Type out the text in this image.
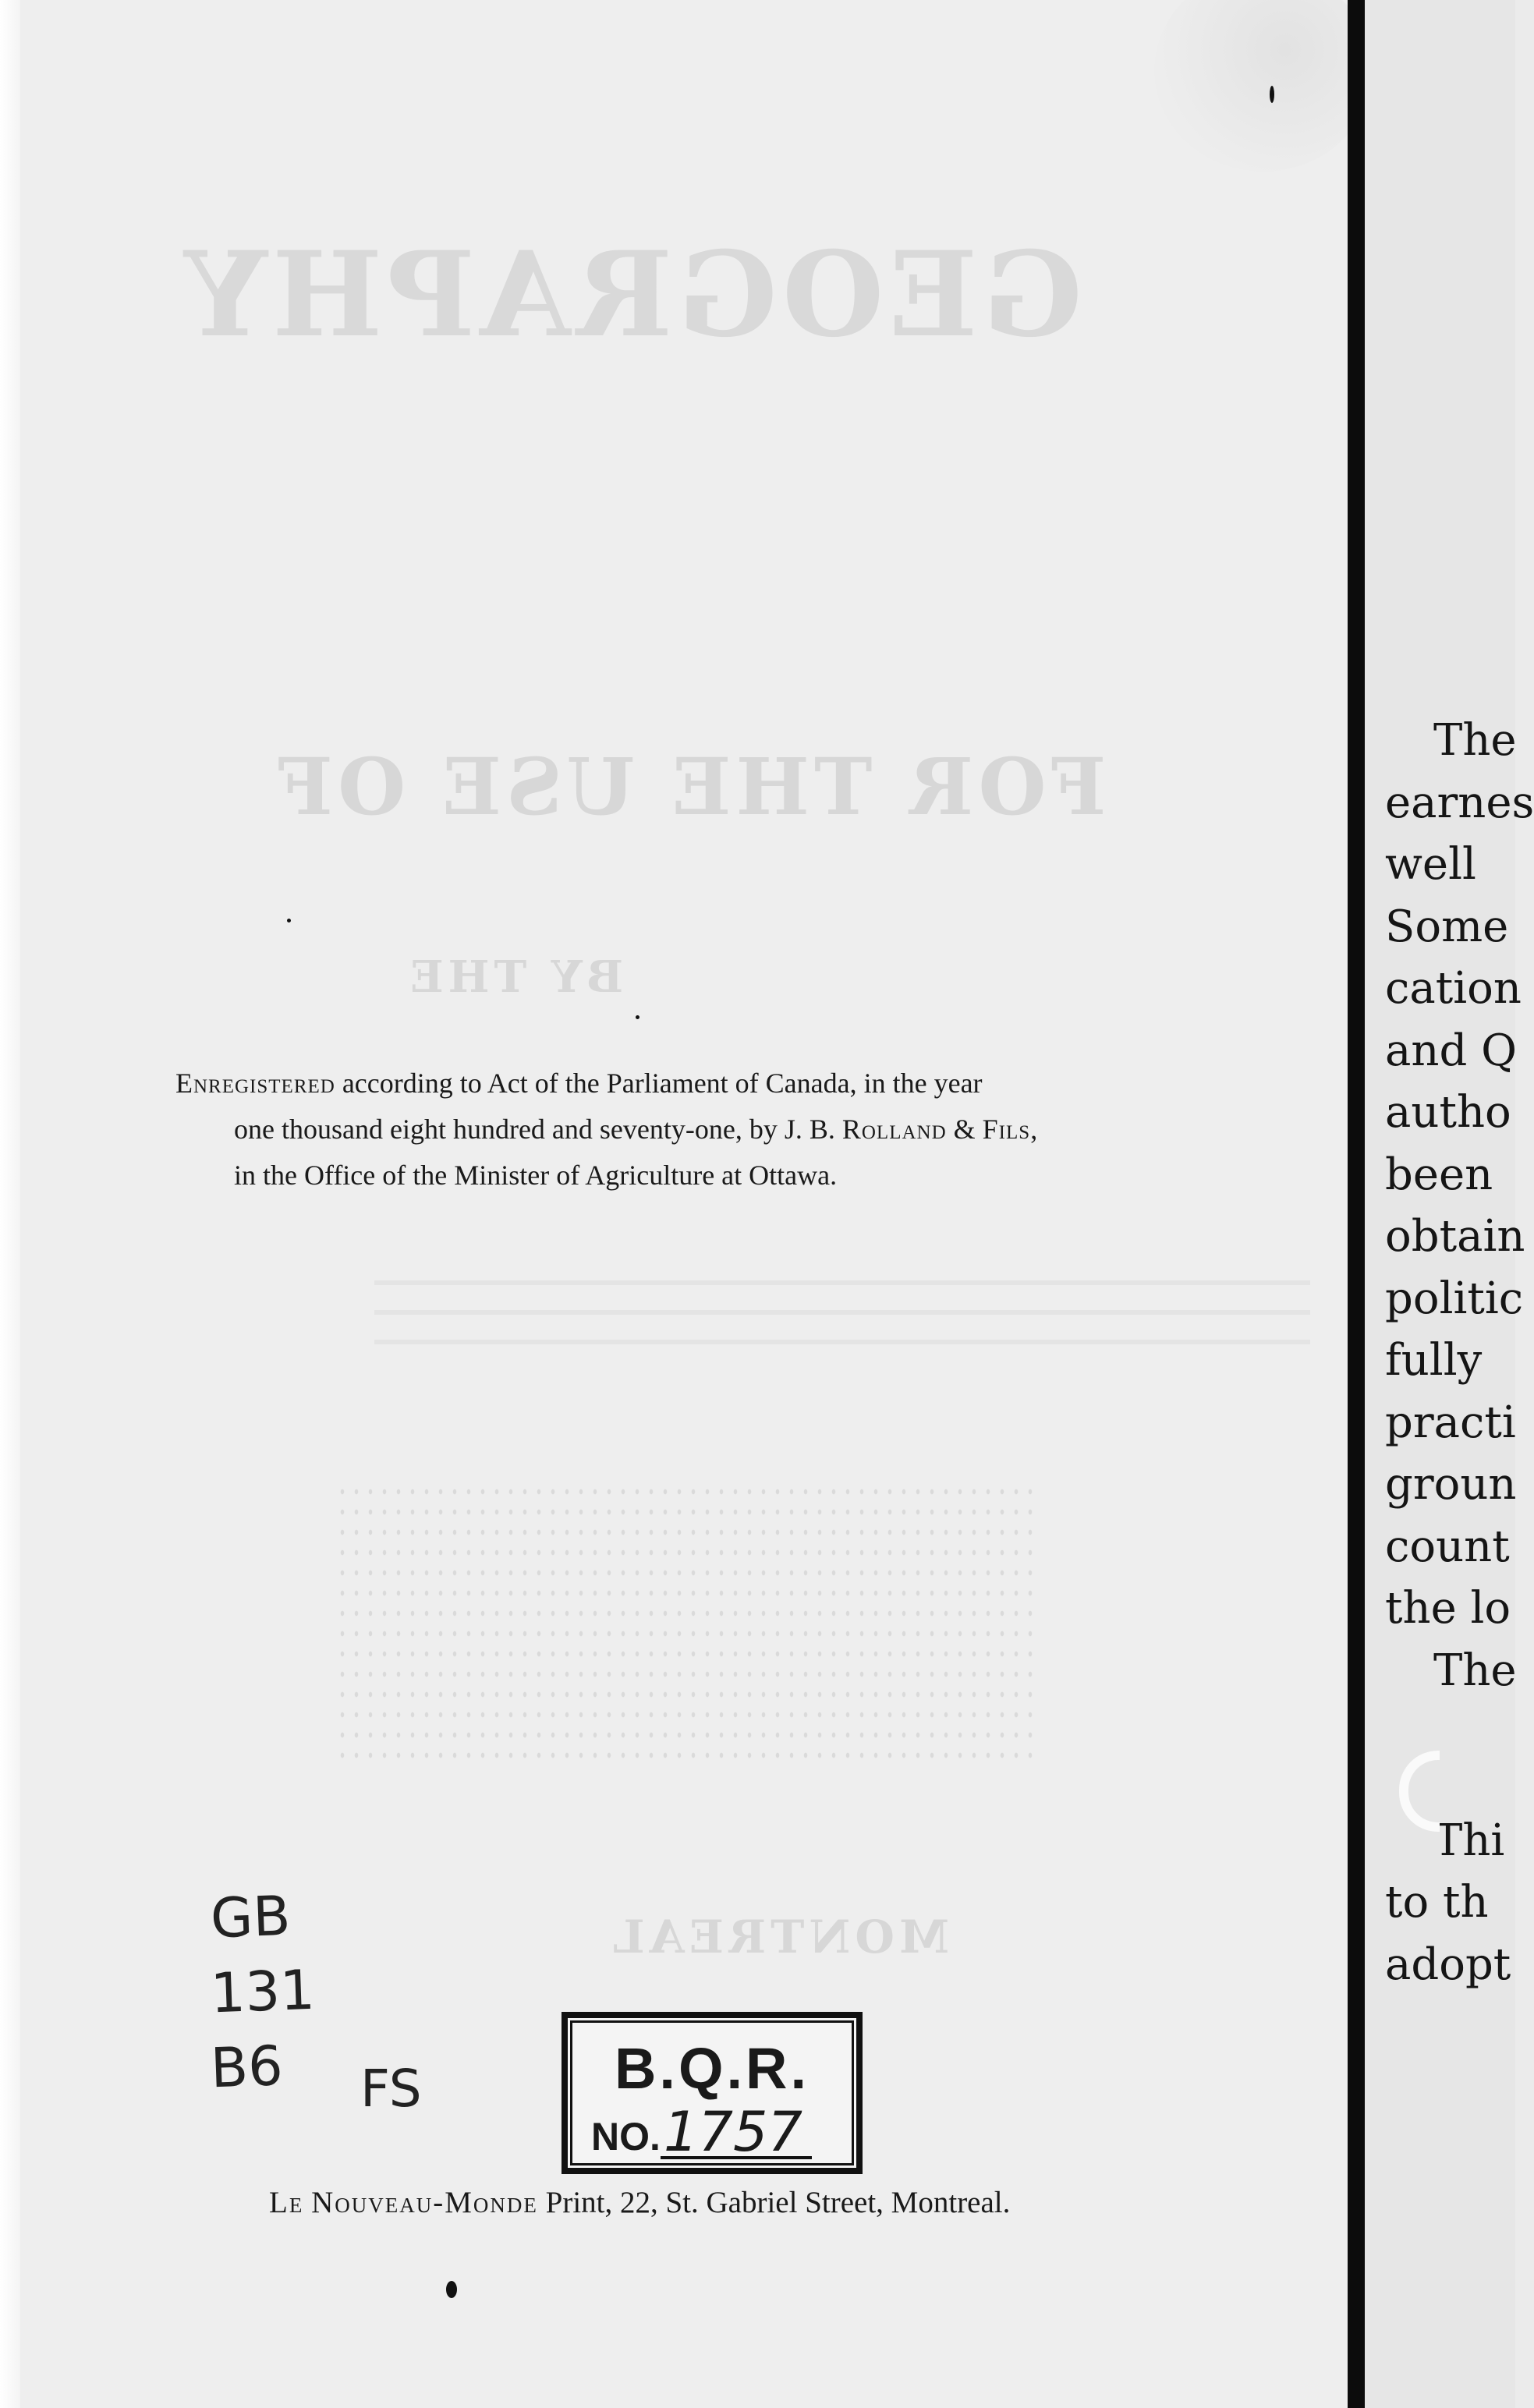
GEOGRAPHY
FOR THE USE OF
BY THE
MONTREAL
Enregistered according to Act of the Parliament of Canada, in the year
one thousand eight hundred and seventy-one, by J. B. Rolland & Fils,
in the Office of the Minister of Agriculture at Ottawa.
GB
131
B6	FS	B.Q.R.
NO.1757
Le Nouveau-Monde Print, 22, St. Gabriel Street, Montreal.
The
earnes
well
Some
cation
and Q
autho
been
obtain
politic
fully
practi
groun
count
the lo
The
Thi
to th
adopt
